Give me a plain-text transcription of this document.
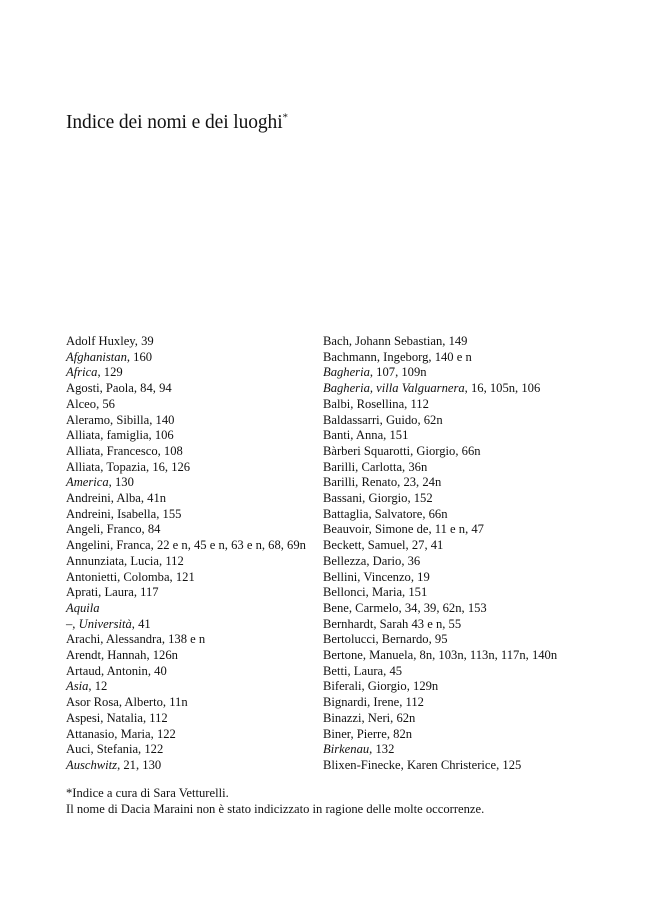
Indice dei nomi e dei luoghi*
Adolf Huxley, 39
Afghanistan, 160
Africa, 129
Agosti, Paola, 84, 94
Alceo, 56
Aleramo, Sibilla, 140
Alliata, famiglia, 106
Alliata, Francesco, 108
Alliata, Topazia, 16, 126
America, 130
Andreini, Alba, 41n
Andreini, Isabella, 155
Angeli, Franco, 84
Angelini, Franca, 22 e n, 45 e n, 63 e n, 68, 69n
Annunziata, Lucia, 112
Antonietti, Colomba, 121
Aprati, Laura, 117
Aquila
–, Università, 41
Arachi, Alessandra, 138 e n
Arendt, Hannah, 126n
Artaud, Antonin, 40
Asia, 12
Asor Rosa, Alberto, 11n
Aspesi, Natalia, 112
Attanasio, Maria, 122
Auci, Stefania, 122
Auschwitz, 21, 130
Bach, Johann Sebastian, 149
Bachmann, Ingeborg, 140 e n
Bagheria, 107, 109n
Bagheria, villa Valguarnera, 16, 105n, 106
Balbi, Rosellina, 112
Baldassarri, Guido, 62n
Banti, Anna, 151
Bàrberi Squarotti, Giorgio, 66n
Barilli, Carlotta, 36n
Barilli, Renato, 23, 24n
Bassani, Giorgio, 152
Battaglia, Salvatore, 66n
Beauvoir, Simone de, 11 e n, 47
Beckett, Samuel, 27, 41
Bellezza, Dario, 36
Bellini, Vincenzo, 19
Bellonci, Maria, 151
Bene, Carmelo, 34, 39, 62n, 153
Bernhardt, Sarah 43 e n, 55
Bertolucci, Bernardo, 95
Bertone, Manuela, 8n, 103n, 113n, 117n, 140n
Betti, Laura, 45
Biferali, Giorgio, 129n
Bignardi, Irene, 112
Binazzi, Neri, 62n
Biner, Pierre, 82n
Birkenau, 132
Blixen-Finecke, Karen Christerice, 125
*Indice a cura di Sara Vetturelli.
Il nome di Dacia Maraini non è stato indicizzato in ragione delle molte occorrenze.
